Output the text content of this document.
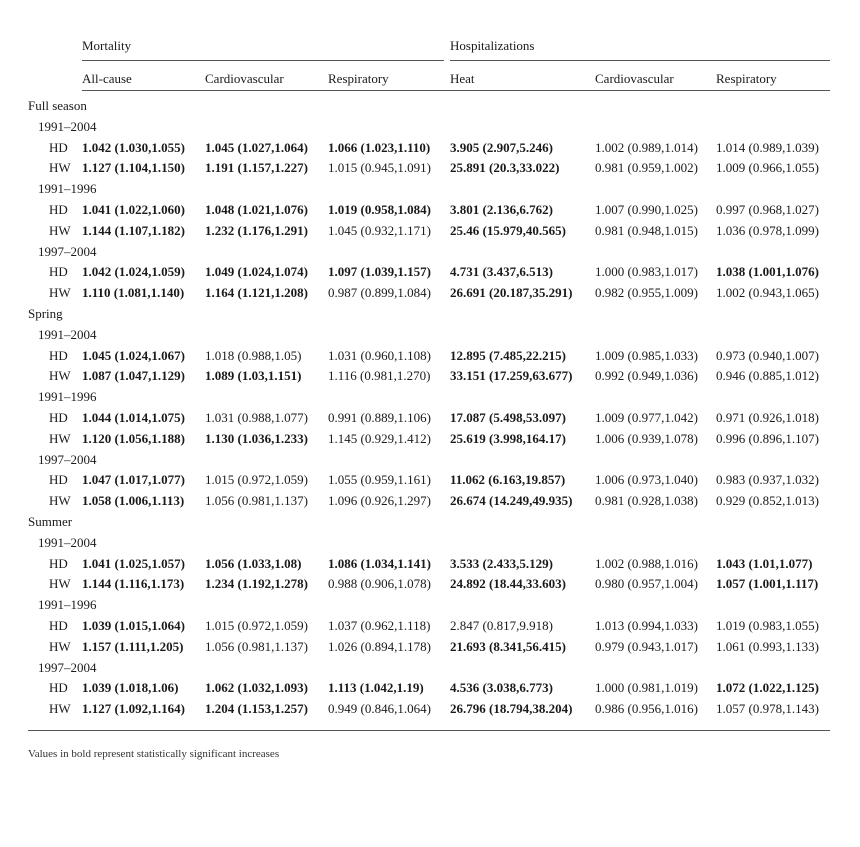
Mortality	Hospitalizations
All-cause	Cardiovascular	Respiratory	Heat	Cardiovascular	Respiratory
Full season						
1991–2004						
HD	1.042 (1.030,1.055)	1.045 (1.027,1.064)	1.066 (1.023,1.110)	3.905 (2.907,5.246)	1.002 (0.989,1.014)	1.014 (0.989,1.039)
HW	1.127 (1.104,1.150)	1.191 (1.157,1.227)	1.015 (0.945,1.091)	25.891 (20.3,33.022)	0.981 (0.959,1.002)	1.009 (0.966,1.055)
1991–1996						
HD	1.041 (1.022,1.060)	1.048 (1.021,1.076)	1.019 (0.958,1.084)	3.801 (2.136,6.762)	1.007 (0.990,1.025)	0.997 (0.968,1.027)
HW	1.144 (1.107,1.182)	1.232 (1.176,1.291)	1.045 (0.932,1.171)	25.46 (15.979,40.565)	0.981 (0.948,1.015)	1.036 (0.978,1.099)
1997–2004						
HD	1.042 (1.024,1.059)	1.049 (1.024,1.074)	1.097 (1.039,1.157)	4.731 (3.437,6.513)	1.000 (0.983,1.017)	1.038 (1.001,1.076)
HW	1.110 (1.081,1.140)	1.164 (1.121,1.208)	0.987 (0.899,1.084)	26.691 (20.187,35.291)	0.982 (0.955,1.009)	1.002 (0.943,1.065)
Spring						
1991–2004						
HD	1.045 (1.024,1.067)	1.018 (0.988,1.05)	1.031 (0.960,1.108)	12.895 (7.485,22.215)	1.009 (0.985,1.033)	0.973 (0.940,1.007)
HW	1.087 (1.047,1.129)	1.089 (1.03,1.151)	1.116 (0.981,1.270)	33.151 (17.259,63.677)	0.992 (0.949,1.036)	0.946 (0.885,1.012)
1991–1996						
HD	1.044 (1.014,1.075)	1.031 (0.988,1.077)	0.991 (0.889,1.106)	17.087 (5.498,53.097)	1.009 (0.977,1.042)	0.971 (0.926,1.018)
HW	1.120 (1.056,1.188)	1.130 (1.036,1.233)	1.145 (0.929,1.412)	25.619 (3.998,164.17)	1.006 (0.939,1.078)	0.996 (0.896,1.107)
1997–2004						
HD	1.047 (1.017,1.077)	1.015 (0.972,1.059)	1.055 (0.959,1.161)	11.062 (6.163,19.857)	1.006 (0.973,1.040)	0.983 (0.937,1.032)
HW	1.058 (1.006,1.113)	1.056 (0.981,1.137)	1.096 (0.926,1.297)	26.674 (14.249,49.935)	0.981 (0.928,1.038)	0.929 (0.852,1.013)
Summer						
1991–2004						
HD	1.041 (1.025,1.057)	1.056 (1.033,1.08)	1.086 (1.034,1.141)	3.533 (2.433,5.129)	1.002 (0.988,1.016)	1.043 (1.01,1.077)
HW	1.144 (1.116,1.173)	1.234 (1.192,1.278)	0.988 (0.906,1.078)	24.892 (18.44,33.603)	0.980 (0.957,1.004)	1.057 (1.001,1.117)
1991–1996						
HD	1.039 (1.015,1.064)	1.015 (0.972,1.059)	1.037 (0.962,1.118)	2.847 (0.817,9.918)	1.013 (0.994,1.033)	1.019 (0.983,1.055)
HW	1.157 (1.111,1.205)	1.056 (0.981,1.137)	1.026 (0.894,1.178)	21.693 (8.341,56.415)	0.979 (0.943,1.017)	1.061 (0.993,1.133)
1997–2004						
HD	1.039 (1.018,1.06)	1.062 (1.032,1.093)	1.113 (1.042,1.19)	4.536 (3.038,6.773)	1.000 (0.981,1.019)	1.072 (1.022,1.125)
HW	1.127 (1.092,1.164)	1.204 (1.153,1.257)	0.949 (0.846,1.064)	26.796 (18.794,38.204)	0.986 (0.956,1.016)	1.057 (0.978,1.143)
Values in bold represent statistically significant increases
